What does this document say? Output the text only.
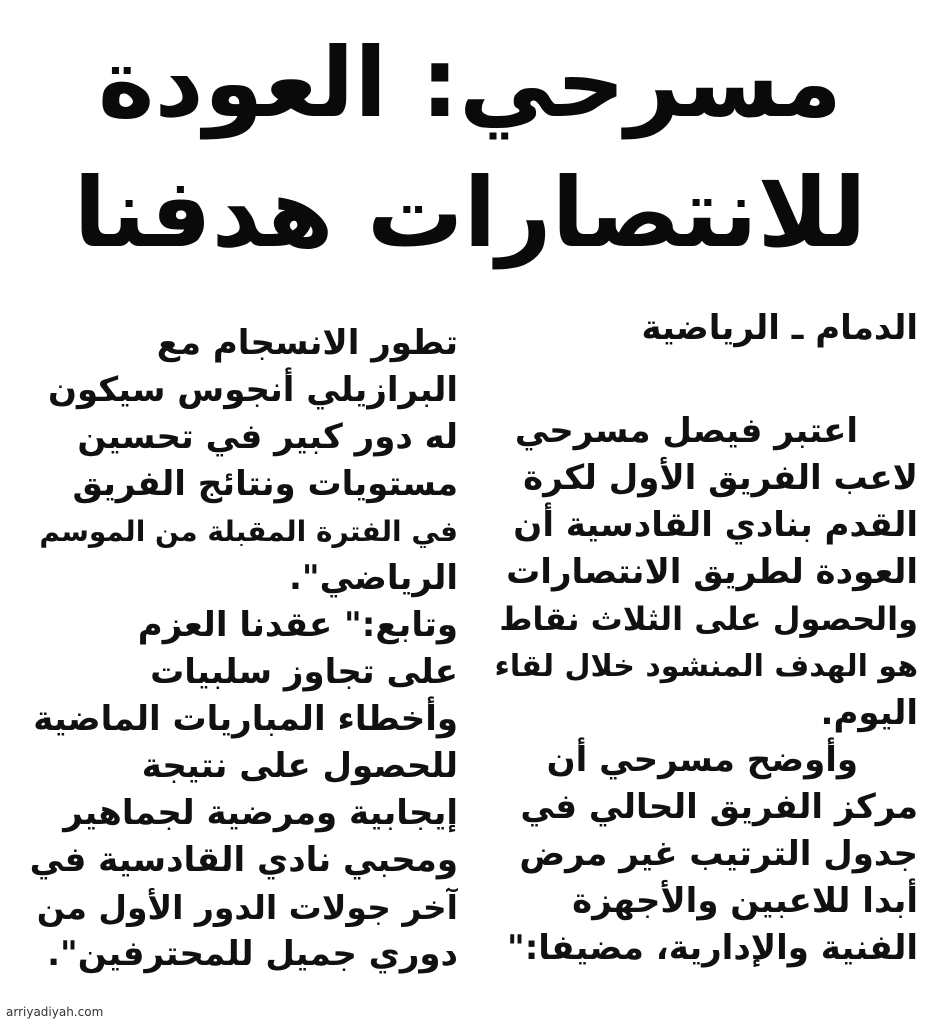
مسرحي: العودة
للانتصارات هدفنا
الدمام ـ الرياضية
اعتبر فيصل مسرحي
لاعب الفريق الأول لكرة
القدم بنادي القادسية أن
العودة لطريق الانتصارات
والحصول على الثلاث نقاط
هو الهدف المنشود خلال لقاء
اليوم.
وأوضح مسرحي أن
مركز الفريق الحالي في
جدول الترتيب غير مرض
أبدا للاعبين والأجهزة
الفنية والإدارية، مضيفا:"
تطور الانسجام مع
البرازيلي أنجوس سيكون
له دور كبير في تحسين
مستويات ونتائج الفريق
في الفترة المقبلة من الموسم
الرياضي".
وتابع:" عقدنا العزم
على تجاوز سلبيات
وأخطاء المباريات الماضية
للحصول على نتيجة
إيجابية ومرضية لجماهير
ومحبي نادي القادسية في
آخر جولات الدور الأول من
دوري جميل للمحترفين".
arriyadiyah.com
